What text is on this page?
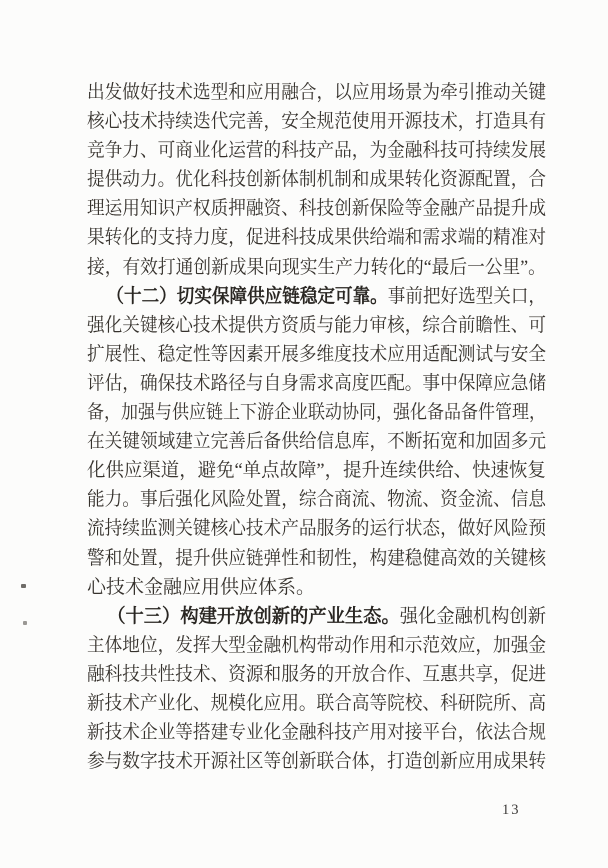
出发做好技术选型和应用融合，以应用场景为牵引推动关键
核心技术持续迭代完善，安全规范使用开源技术，打造具有
竞争力、可商业化运营的科技产品，为金融科技可持续发展
提供动力。优化科技创新体制机制和成果转化资源配置，合
理运用知识产权质押融资、科技创新保险等金融产品提升成
果转化的支持力度，促进科技成果供给端和需求端的精准对
接，有效打通创新成果向现实生产力转化的“最后一公里”。
（十二）切实保障供应链稳定可靠。事前把好选型关口，
强化关键核心技术提供方资质与能力审核，综合前瞻性、可
扩展性、稳定性等因素开展多维度技术应用适配测试与安全
评估，确保技术路径与自身需求高度匹配。事中保障应急储
备，加强与供应链上下游企业联动协同，强化备品备件管理，
在关键领域建立完善后备供给信息库，不断拓宽和加固多元
化供应渠道，避免“单点故障”，提升连续供给、快速恢复
能力。事后强化风险处置，综合商流、物流、资金流、信息
流持续监测关键核心技术产品服务的运行状态，做好风险预
警和处置，提升供应链弹性和韧性，构建稳健高效的关键核
心技术金融应用供应体系。
（十三）构建开放创新的产业生态。强化金融机构创新
主体地位，发挥大型金融机构带动作用和示范效应，加强金
融科技共性技术、资源和服务的开放合作、互惠共享，促进
新技术产业化、规模化应用。联合高等院校、科研院所、高
新技术企业等搭建专业化金融科技产用对接平台，依法合规
参与数字技术开源社区等创新联合体，打造创新应用成果转
13
